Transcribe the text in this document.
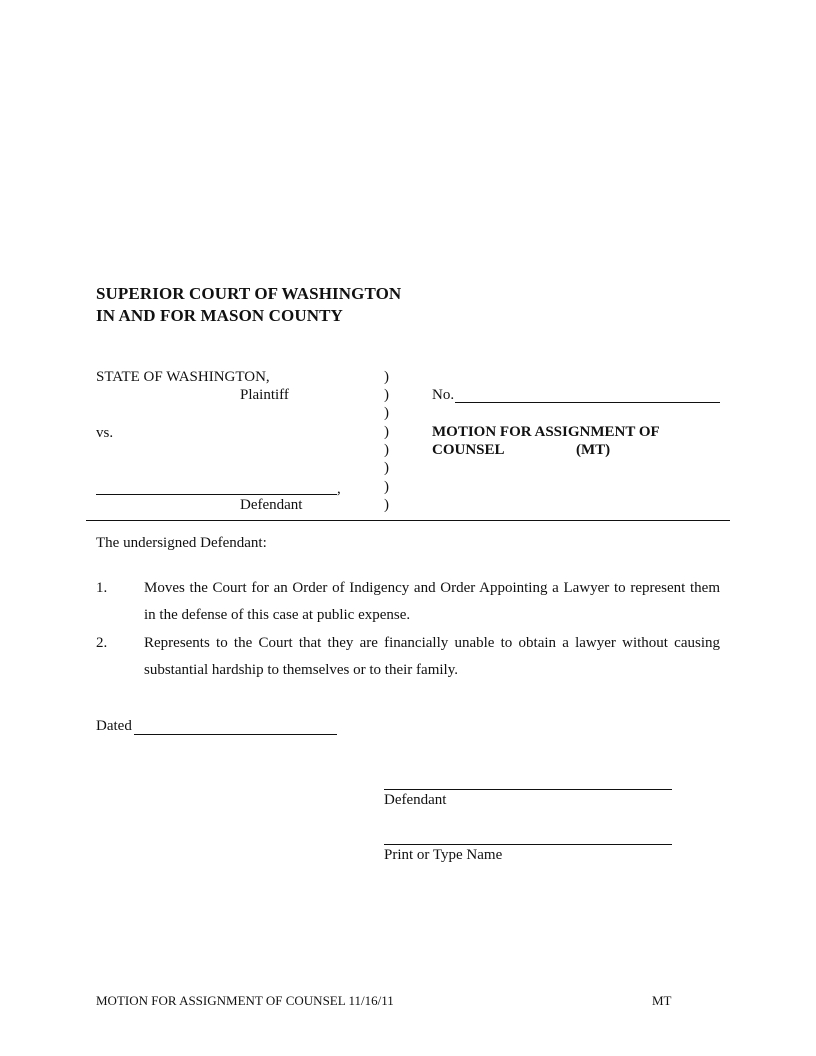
SUPERIOR COURT OF WASHINGTON
IN AND FOR MASON COUNTY
STATE OF WASHINGTON,
Plaintiff
vs.
,
Defendant
)
)
)
)
)
)
)
)
No.
MOTION FOR ASSIGNMENT OF
COUNSEL	(MT)
The undersigned Defendant:
1. Moves the Court for an Order of Indigency and Order Appointing a Lawyer to represent them in the defense of this case at public expense.
2. Represents to the Court that they are financially unable to obtain a lawyer without causing substantial hardship to themselves or to their family.
Dated
Defendant
Print or Type Name
MOTION FOR ASSIGNMENT OF COUNSEL 11/16/11	MT
